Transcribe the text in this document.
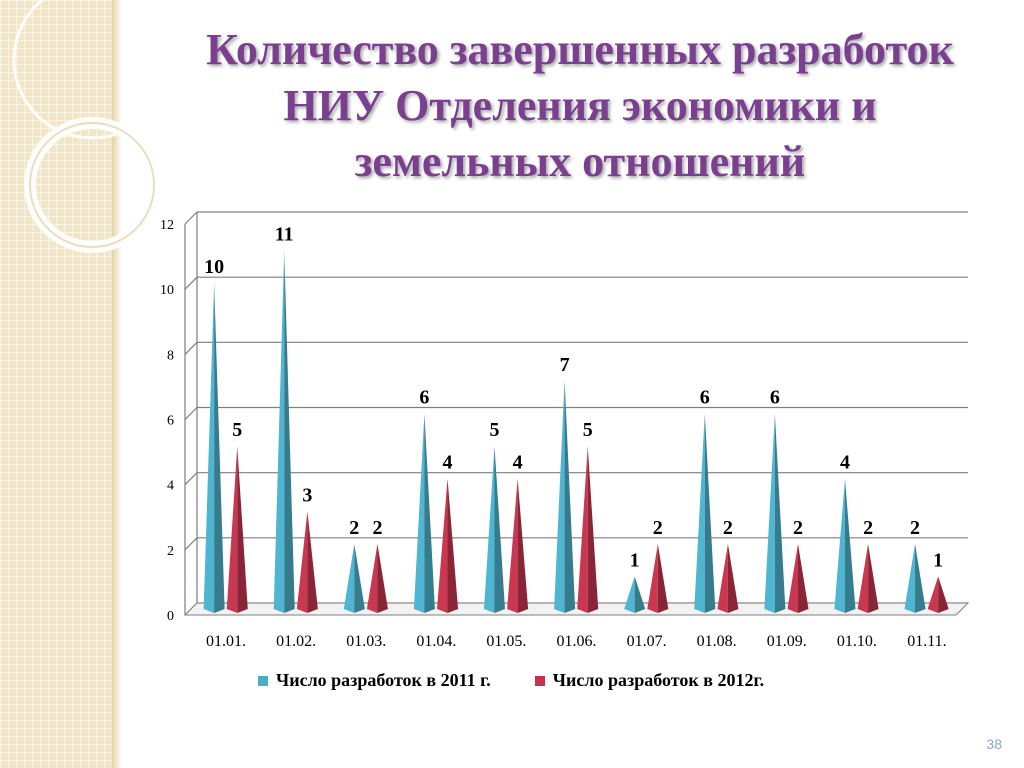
Количество завершенных разработок
НИУ Отделения экономики и
земельных отношений
0
2
4
6
8
10
12
10
5
01.01.
11
3
01.02.
2 2
01.03.
6
4
01.04.
5
4
01.05.
7
5
01.06.
1
2
01.07.
6
2
01.08.
6
2
01.09.
4
2
01.10.
2
1
01.11.
Число разработок в 2011 г.	Число разработок в 2012г.
38
